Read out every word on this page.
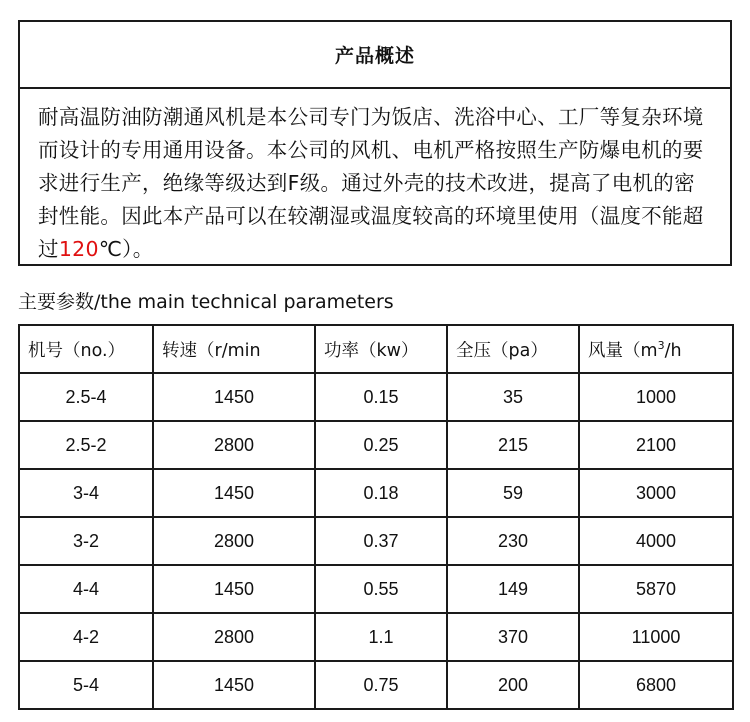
产品概述
耐高温防油防潮通风机是本公司专门为饭店、洗浴中心、工厂等复杂环境而设计的专用通用设备。本公司的风机、电机严格按照生产防爆电机的要求进行生产，绝缘等级达到F级。通过外壳的技术改进，提高了电机的密封性能。因此本产品可以在较潮湿或温度较高的环境里使用（温度不能超过120℃）。
主要参数/the main technical parameters
机号（no.）	转速（r/min	功率（kw）	全压（pa）	风量（$m^3/h$
2.5-4	1450	0.15	35	1000
2.5-2	2800	0.25	215	2100
3-4	1450	0.18	59	3000
3-2	2800	0.37	230	4000
4-4	1450	0.55	149	5870
4-2	2800	1.1	370	11000
5-4	1450	0.75	200	6800
